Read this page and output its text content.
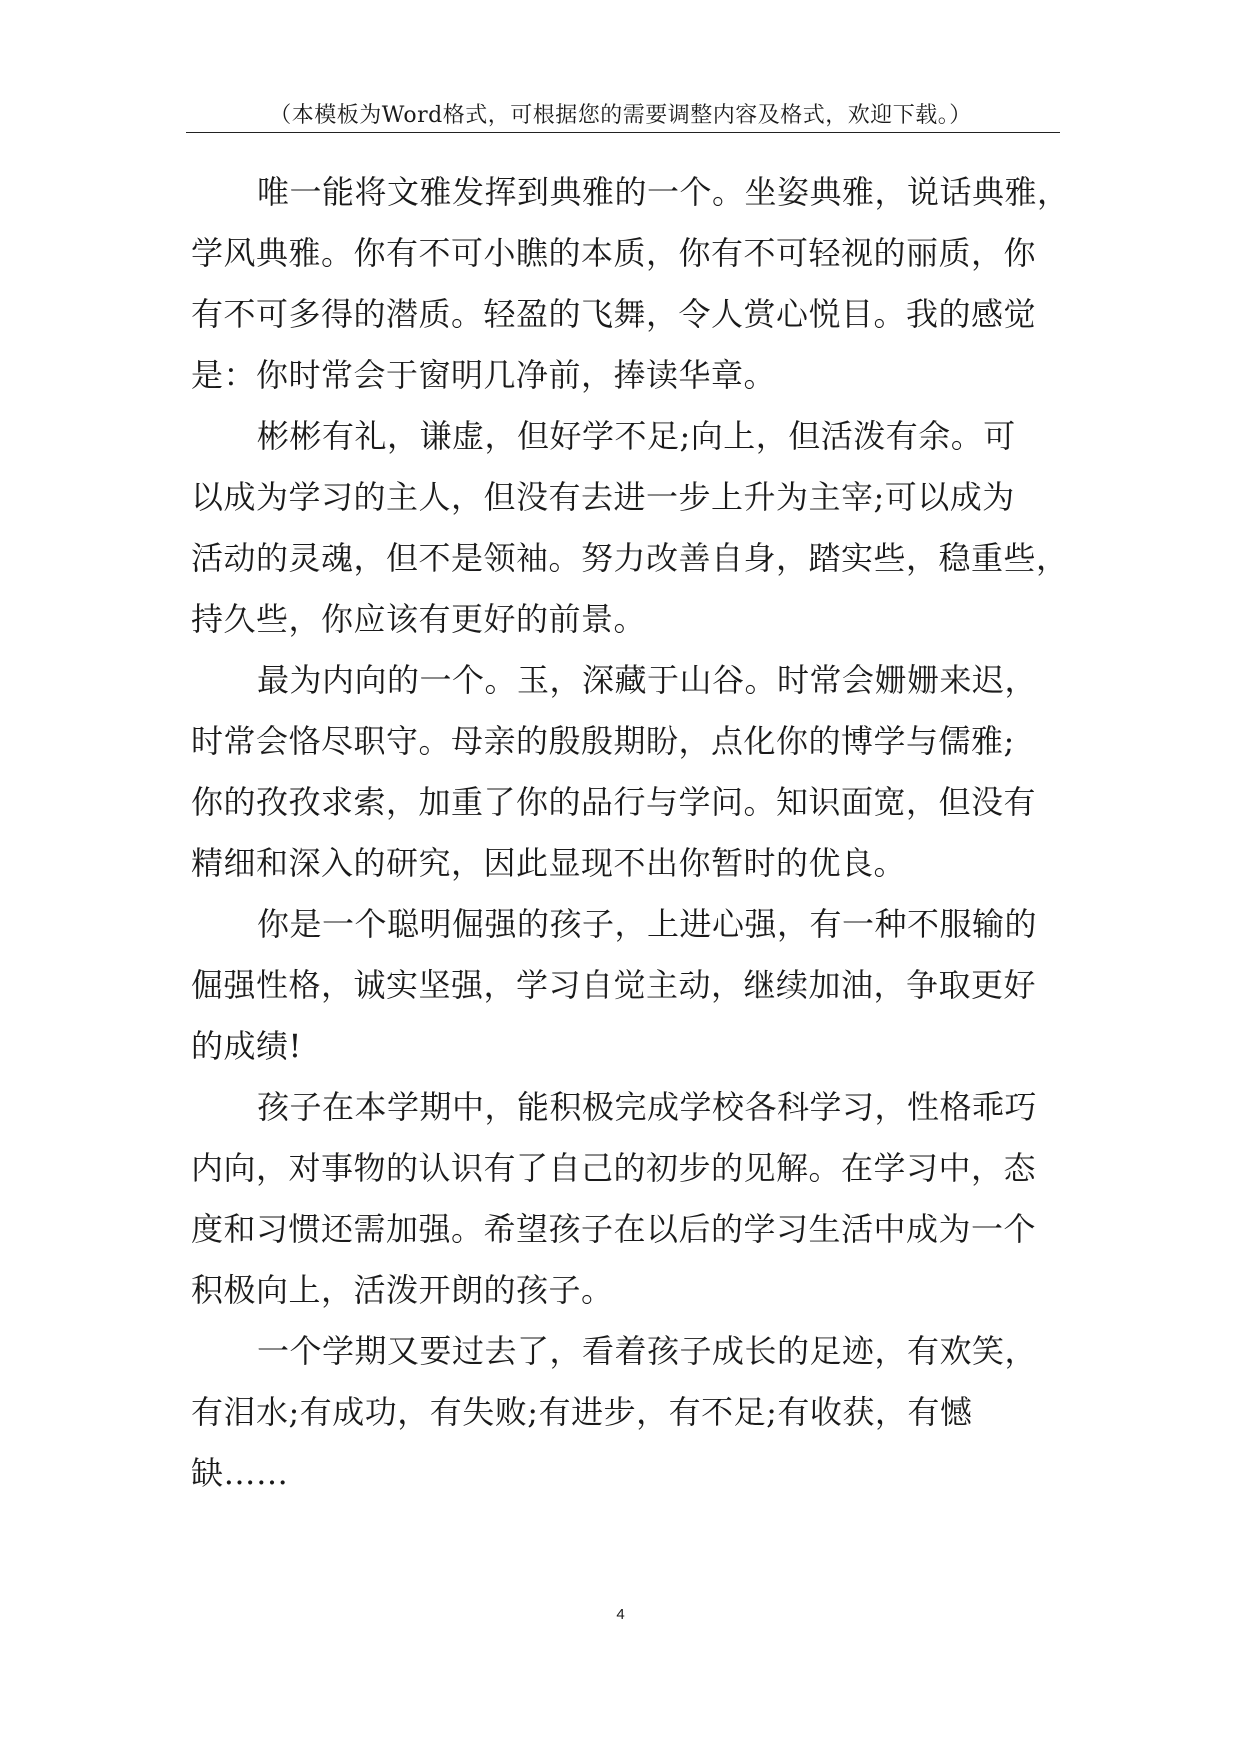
（本模板为Word格式，可根据您的需要调整内容及格式，欢迎下载。）

唯一能将文雅发挥到典雅的一个。坐姿典雅，说话典雅，
学风典雅。你有不可小瞧的本质，你有不可轻视的丽质，你
有不可多得的潜质。轻盈的飞舞，令人赏心悦目。我的感觉
是：你时常会于窗明几净前，捧读华章。

彬彬有礼，谦虚，但好学不足;向上，但活泼有余。可
以成为学习的主人，但没有去进一步上升为主宰;可以成为
活动的灵魂，但不是领袖。努力改善自身，踏实些，稳重些，
持久些，你应该有更好的前景。

最为内向的一个。玉，深藏于山谷。时常会姗姗来迟，
时常会恪尽职守。母亲的殷殷期盼，点化你的博学与儒雅;
你的孜孜求索，加重了你的品行与学问。知识面宽，但没有
精细和深入的研究，因此显现不出你暂时的优良。

你是一个聪明倔强的孩子，上进心强，有一种不服输的
倔强性格，诚实坚强，学习自觉主动，继续加油，争取更好
的成绩!

孩子在本学期中，能积极完成学校各科学习，性格乖巧
内向，对事物的认识有了自己的初步的见解。在学习中，态
度和习惯还需加强。希望孩子在以后的学习生活中成为一个
积极向上，活泼开朗的孩子。

一个学期又要过去了，看着孩子成长的足迹，有欢笑，
有泪水;有成功，有失败;有进步，有不足;有收获，有憾
缺……

4
